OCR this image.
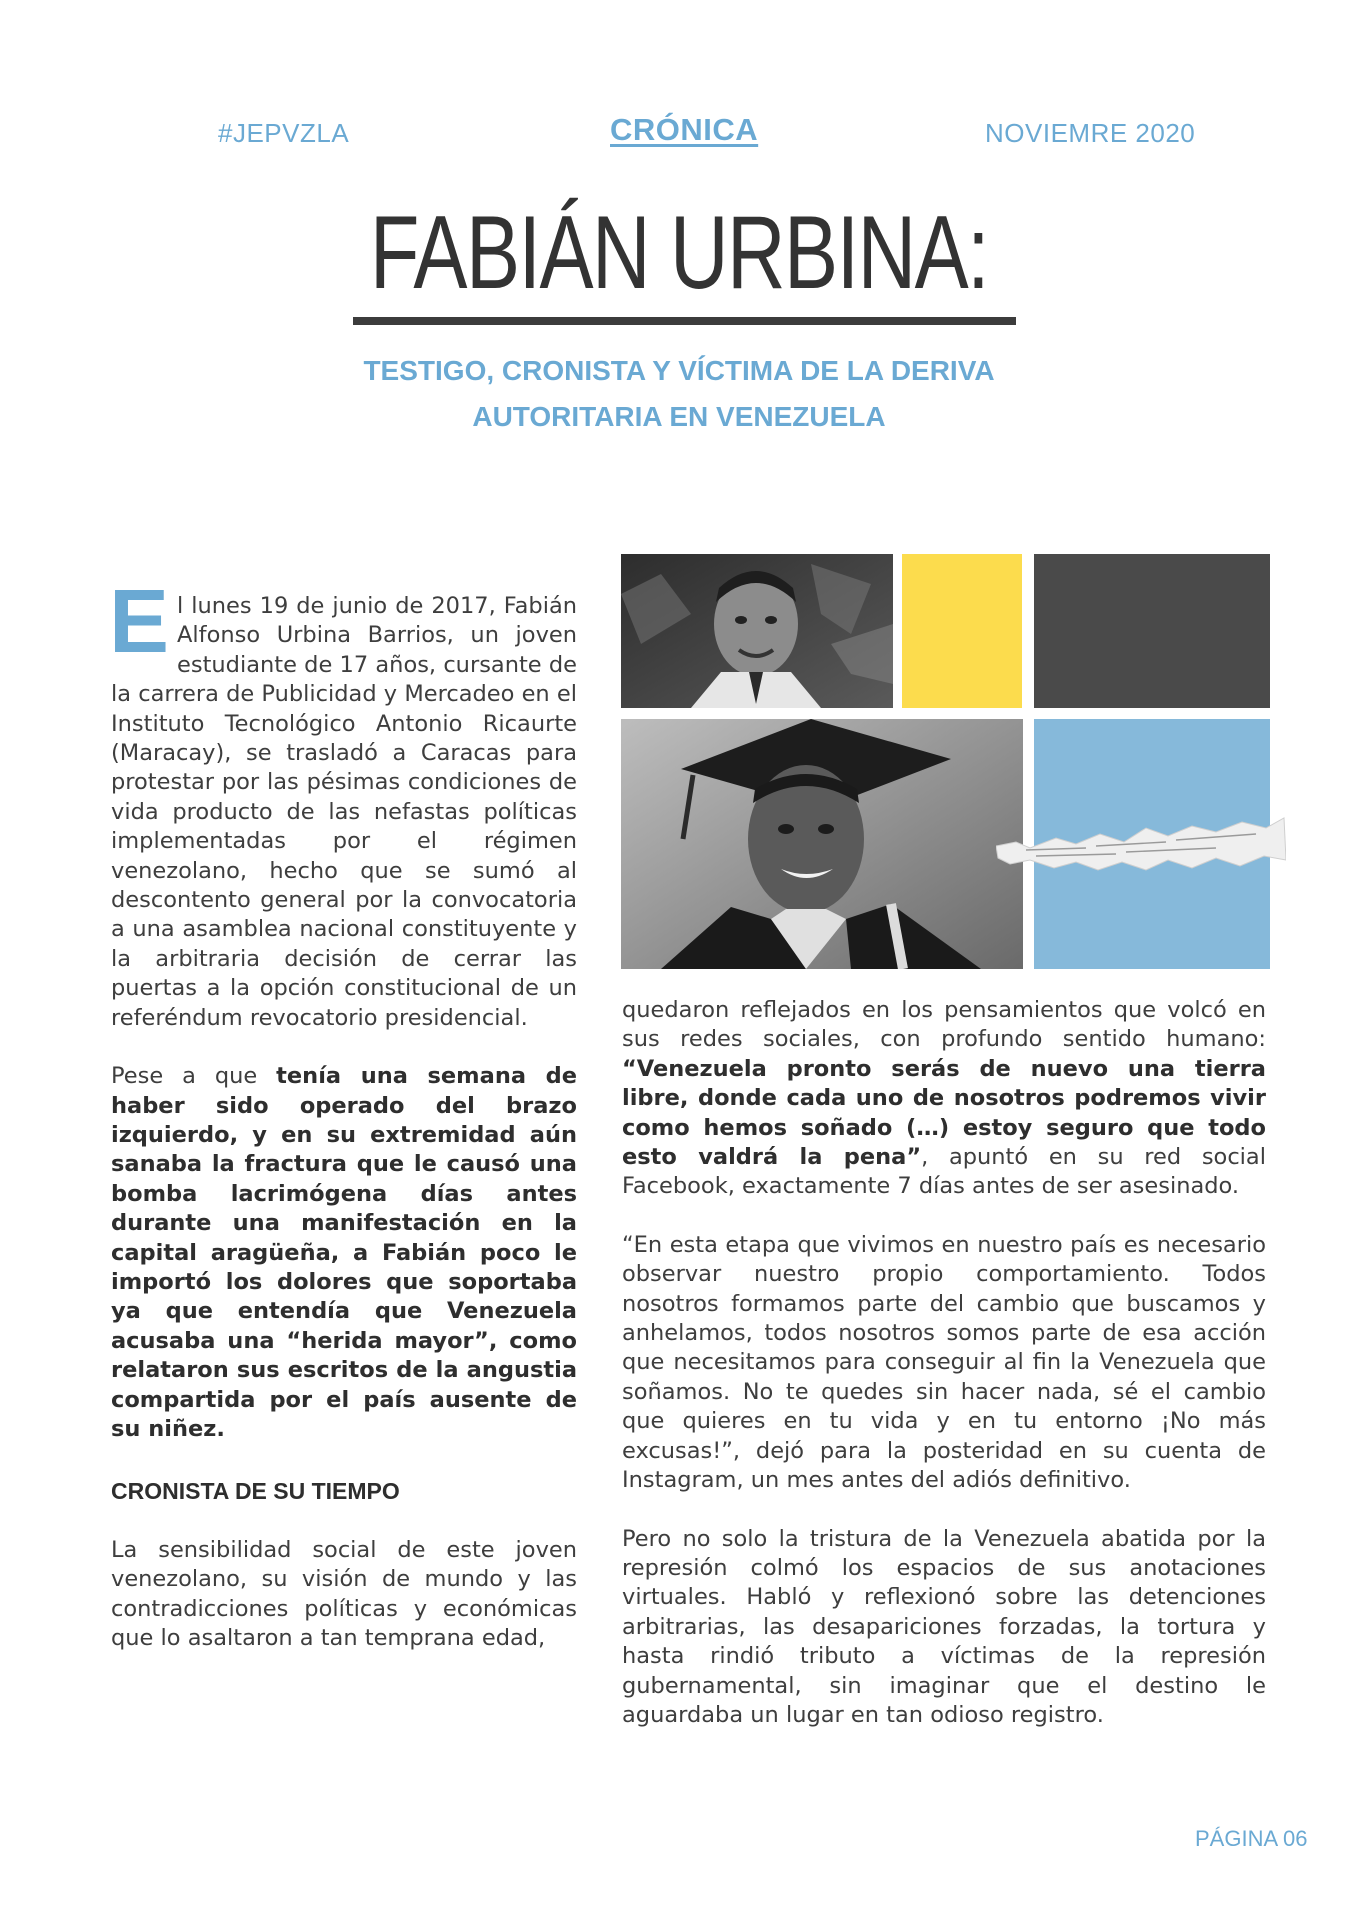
#JEPVZLA	CRÓNICA	NOVIEMRE 2020
FABIÁN URBINA:
TESTIGO, CRONISTA Y VÍCTIMA DE LA DERIVA
AUTORITARIA EN VENEZUELA

El lunes 19 de junio de 2017, Fabián Alfonso Urbina Barrios, un joven estudiante de 17 años, cursante de la carrera de Publicidad y Mercadeo en el Instituto Tecnológico Antonio Ricaurte (Maracay), se trasladó a Caracas para protestar por las pésimas condiciones de vida producto de las nefastas políticas implementadas por el régimen venezolano, hecho que se sumó al descontento general por la convocatoria a una asamblea nacional constituyente y la arbitraria decisión de cerrar las puertas a la opción constitucional de un referéndum revocatorio presidencial.

Pese a que tenía una semana de haber sido operado del brazo izquierdo, y en su extremidad aún sanaba la fractura que le causó una bomba lacrimógena días antes durante una manifestación en la capital aragüeña, a Fabián poco le importó los dolores que soportaba ya que entendía que Venezuela acusaba una “herida mayor”, como relataron sus escritos de la angustia compartida por el país ausente de su niñez.

CRONISTA DE SU TIEMPO

La sensibilidad social de este joven venezolano, su visión de mundo y las contradicciones políticas y económicas que lo asaltaron a tan temprana edad,

quedaron reflejados en los pensamientos que volcó en sus redes sociales, con profundo sentido humano: “Venezuela pronto serás de nuevo una tierra libre, donde cada uno de nosotros podremos vivir como hemos soñado (…) estoy seguro que todo esto valdrá la pena”, apuntó en su red social Facebook, exactamente 7 días antes de ser asesinado.

“En esta etapa que vivimos en nuestro país es necesario observar nuestro propio comportamiento. Todos nosotros formamos parte del cambio que buscamos y anhelamos, todos nosotros somos parte de esa acción que necesitamos para conseguir al fin la Venezuela que soñamos. No te quedes sin hacer nada, sé el cambio que quieres en tu vida y en tu entorno ¡No más excusas!”, dejó para la posteridad en su cuenta de Instagram, un mes antes del adiós definitivo.

Pero no solo la tristura de la Venezuela abatida por la represión colmó los espacios de sus anotaciones virtuales. Habló y reflexionó sobre las detenciones arbitrarias, las desapariciones forzadas, la tortura y hasta rindió tributo a víctimas de la represión gubernamental, sin imaginar que el destino le aguardaba un lugar en tan odioso registro.

PÁGINA 06
